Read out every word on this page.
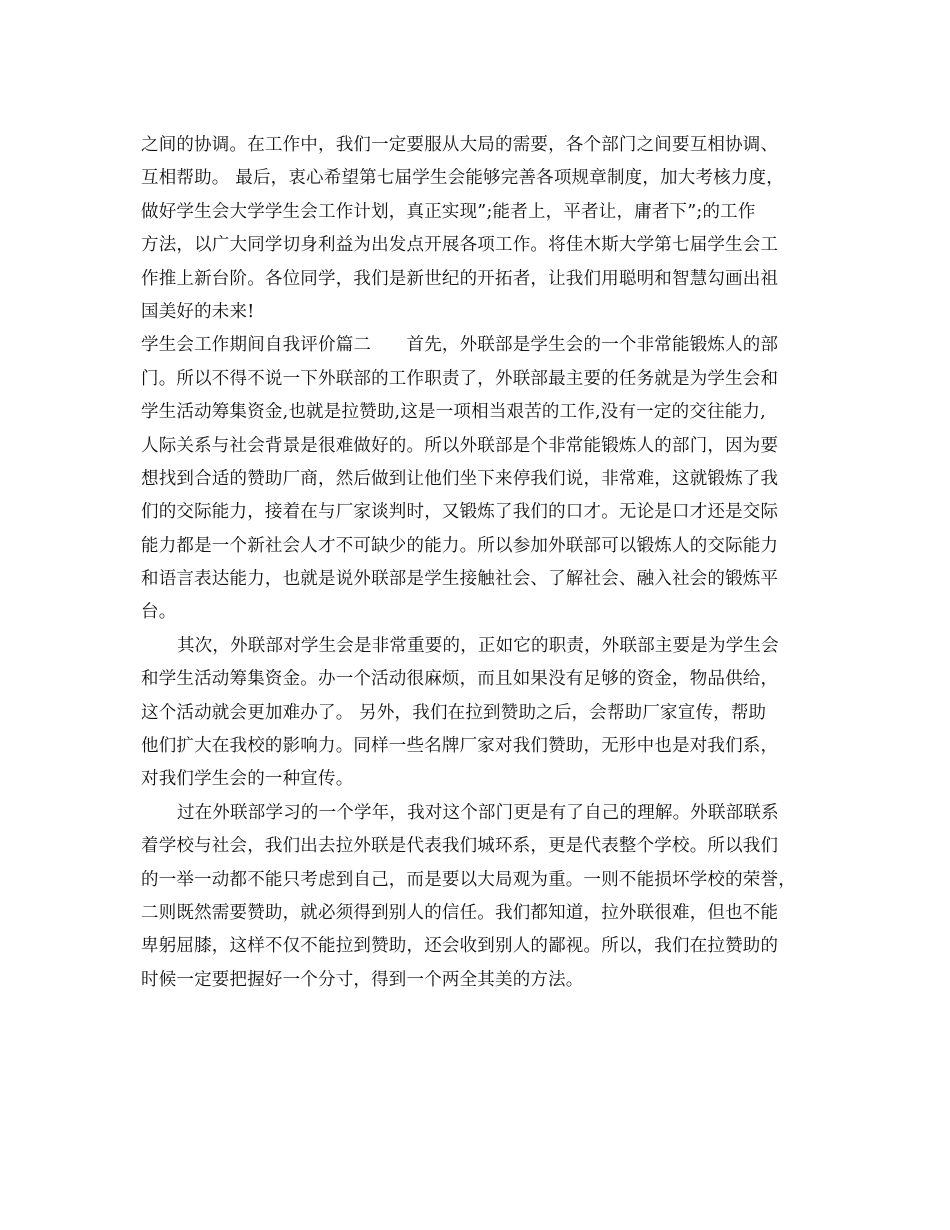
之间的协调。在工作中，我们一定要服从大局的需要，各个部门之间要互相协调、
互相帮助。 最后，衷心希望第七届学生会能够完善各项规章制度，加大考核力度，
做好学生会大学学生会工作计划，真正实现”;能者上，平者让，庸者下”;的工作
方法，以广大同学切身利益为出发点开展各项工作。将佳木斯大学第七届学生会工
作推上新台阶。各位同学，我们是新世纪的开拓者，让我们用聪明和智慧勾画出祖
国美好的未来!
学生会工作期间自我评价篇二　　首先，外联部是学生会的一个非常能锻炼人的部
门。所以不得不说一下外联部的工作职责了，外联部最主要的任务就是为学生会和
学生活动筹集资金,也就是拉赞助,这是一项相当艰苦的工作,没有一定的交往能力,
人际关系与社会背景是很难做好的。所以外联部是个非常能锻炼人的部门，因为要
想找到合适的赞助厂商，然后做到让他们坐下来停我们说，非常难，这就锻炼了我
们的交际能力，接着在与厂家谈判时，又锻炼了我们的口才。无论是口才还是交际
能力都是一个新社会人才不可缺少的能力。所以参加外联部可以锻炼人的交际能力
和语言表达能力，也就是说外联部是学生接触社会、了解社会、融入社会的锻炼平
台。
其次，外联部对学生会是非常重要的，正如它的职责，外联部主要是为学生会
和学生活动筹集资金。办一个活动很麻烦，而且如果没有足够的资金，物品供给，
这个活动就会更加难办了。 另外，我们在拉到赞助之后，会帮助厂家宣传，帮助
他们扩大在我校的影响力。同样一些名牌厂家对我们赞助，无形中也是对我们系，
对我们学生会的一种宣传。
过在外联部学习的一个学年，我对这个部门更是有了自己的理解。外联部联系
着学校与社会，我们出去拉外联是代表我们城环系，更是代表整个学校。所以我们
的一举一动都不能只考虑到自己，而是要以大局观为重。一则不能损坏学校的荣誉，
二则既然需要赞助，就必须得到别人的信任。我们都知道，拉外联很难，但也不能
卑躬屈膝，这样不仅不能拉到赞助，还会收到别人的鄙视。所以，我们在拉赞助的
时候一定要把握好一个分寸，得到一个两全其美的方法。
